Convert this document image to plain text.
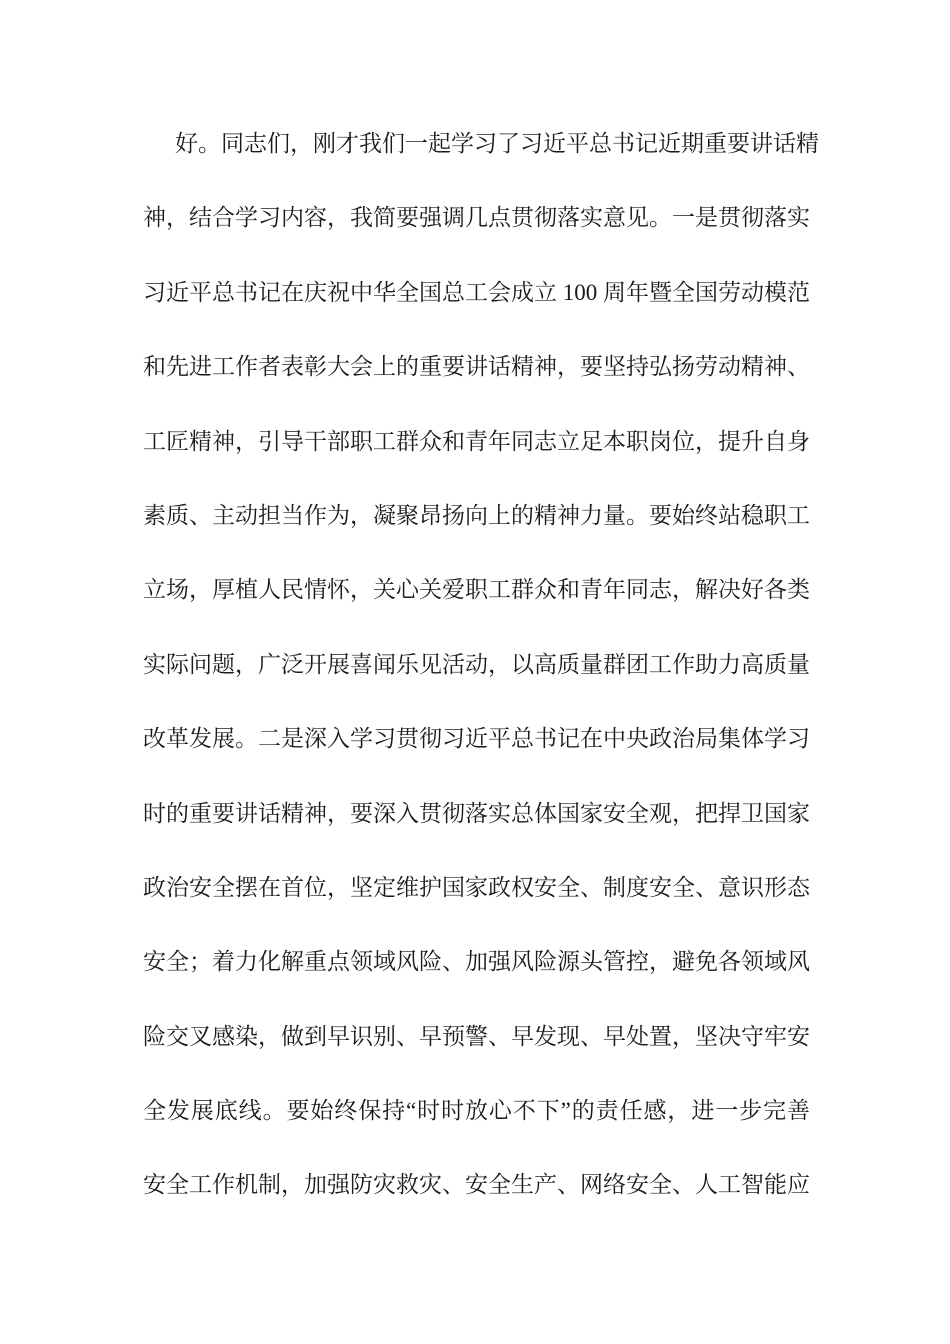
好。同志们，刚才我们一起学习了习近平总书记近期重要讲话精
神，结合学习内容，我简要强调几点贯彻落实意见。一是贯彻落实
习近平总书记在庆祝中华全国总工会成立 100 周年暨全国劳动模范
和先进工作者表彰大会上的重要讲话精神，要坚持弘扬劳动精神、
工匠精神，引导干部职工群众和青年同志立足本职岗位，提升自身
素质、主动担当作为，凝聚昂扬向上的精神力量。要始终站稳职工
立场，厚植人民情怀，关心关爱职工群众和青年同志，解决好各类
实际问题，广泛开展喜闻乐见活动，以高质量群团工作助力高质量
改革发展。二是深入学习贯彻习近平总书记在中央政治局集体学习
时的重要讲话精神，要深入贯彻落实总体国家安全观，把捍卫国家
政治安全摆在首位，坚定维护国家政权安全、制度安全、意识形态
安全；着力化解重点领域风险、加强风险源头管控，避免各领域风
险交叉感染，做到早识别、早预警、早发现、早处置，坚决守牢安
全发展底线。要始终保持“时时放心不下”的责任感，进一步完善
安全工作机制，加强防灾救灾、安全生产、网络安全、人工智能应
